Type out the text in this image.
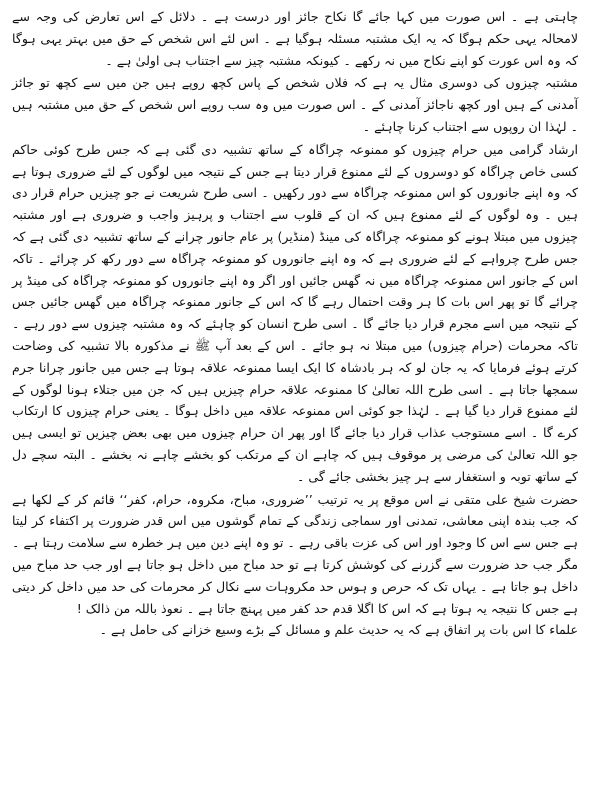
چاہتی ہے ۔ اس صورت میں کہا جائے گا نکاح جائز اور درست ہے ۔ دلائل کے اس تعارض کی وجہ سے لامحالہ یہی حکم ہوگا کہ یہ ایک مشتبہ مسئلہ ہوگیا ہے ۔ اس لئے اس شخص کے حق میں بہتر یہی ہوگا کہ وہ اس عورت کو اپنے نکاح میں نہ رکھے ۔ کیونکہ مشتبہ چیز سے اجتناب ہی اولیٰ ہے ۔

مشتبہ چیزوں کی دوسری مثال یہ ہے کہ فلاں شخص کے پاس کچھ روپے ہیں جن میں سے کچھ تو جائز آمدنی کے ہیں اور کچھ ناجائز آمدنی کے ۔ اس صورت میں وہ سب روپے اس شخص کے حق میں مشتبہ ہیں ۔ لہٰذا ان روپوں سے اجتناب کرنا چاہئے ۔

ارشاد گرامی میں حرام چیزوں کو ممنوعہ چراگاہ کے ساتھ تشبیہ دی گئی ہے کہ جس طرح کوئی حاکم کسی خاص چراگاہ کو دوسروں کے لئے ممنوع قرار دیتا ہے جس کے نتیجہ میں لوگوں کے لئے ضروری ہوتا ہے کہ وہ اپنے جانوروں کو اس ممنوعہ چراگاہ سے دور رکھیں ۔ اسی طرح شریعت نے جو چیزیں حرام قرار دی ہیں ۔ وہ لوگوں کے لئے ممنوع ہیں کہ ان کے قلوب سے اجتناب و پرہیز واجب و ضروری ہے اور مشتبہ چیزوں میں مبتلا ہونے کو ممنوعہ چراگاہ کی مینڈ (منڈیر) پر عام جانور چرانے کے ساتھ تشبیہ دی گئی ہے کہ جس طرح چرواہے کے لئے ضروری ہے کہ وہ اپنے جانوروں کو ممنوعہ چراگاہ سے دور رکھ کر چرائے ۔ تاکہ اس کے جانور اس ممنوعہ چراگاہ میں نہ گھس جائیں اور اگر وہ اپنے جانوروں کو ممنوعہ چراگاہ کی مینڈ پر چرائے گا تو پھر اس بات کا ہر وقت احتمال رہے گا کہ اس کے جانور ممنوعہ چراگاہ میں گھس جائیں جس کے نتیجہ میں اسے مجرم قرار دیا جائے گا ۔ اسی طرح انسان کو چاہئے کہ وہ مشتبہ چیزوں سے دور رہے ۔ تاکہ محرمات (حرام چیزوں) میں مبتلا نہ ہو جائے ۔ اس کے بعد آپ ﷺ نے مذکورہ بالا تشبیہ کی وضاحت کرتے ہوئے فرمایا کہ یہ جان لو کہ ہر بادشاہ کا ایک ایسا ممنوعہ علاقہ ہوتا ہے جس میں جانور چرانا جرم سمجھا جاتا ہے ۔ اسی طرح اللہ تعالیٰ کا ممنوعہ علاقہ حرام چیزیں ہیں کہ جن میں جتلاء ہونا لوگوں کے لئے ممنوع قرار دیا گیا ہے ۔ لہٰذا جو کوئی اس ممنوعہ علاقہ میں داخل ہوگا ۔ یعنی حرام چیزوں کا ارتکاب کرے گا ۔ اسے مستوجب عذاب قرار دیا جائے گا اور پھر ان حرام چیزوں میں بھی بعض چیزیں تو ایسی ہیں جو اللہ تعالیٰ کی مرضی پر موقوف ہیں کہ چاہے ان کے مرتکب کو بخشے چاہے نہ بخشے ۔ البتہ سچے دل کے ساتھ توبہ و استغفار سے ہر چیز بخشی جائے گی ۔

حضرت شیخ علی متقی نے اس موقع پر یہ ترتیب ’’ضروری، مباح، مکروہ، حرام، کفر‘‘ قائم کر کے لکھا ہے کہ جب بندہ اپنی معاشی، تمدنی اور سماجی زندگی کے تمام گوشوں میں اس قدر ضرورت پر اکتفاء کر لیتا ہے جس سے اس کا وجود اور اس کی عزت باقی رہے ۔ تو وہ اپنے دین میں ہر خطرہ سے سلامت رہتا ہے ۔ مگر جب حد ضرورت سے گزرنے کی کوشش کرتا ہے تو حد مباح میں داخل ہو جاتا ہے اور جب حد مباح میں داخل ہو جاتا ہے ۔ یہاں تک کہ حرص و ہوس حد مکروہات سے نکال کر محرمات کی حد میں داخل کر دیتی ہے جس کا نتیجہ یہ ہوتا ہے کہ اس کا اگلا قدم حد کفر میں پہنچ جاتا ہے ۔ نعوذ باللہ من ذالک !

علماء کا اس بات پر اتفاق ہے کہ یہ حدیث علم و مسائل کے بڑے وسیع خزانے کی حامل ہے ۔
